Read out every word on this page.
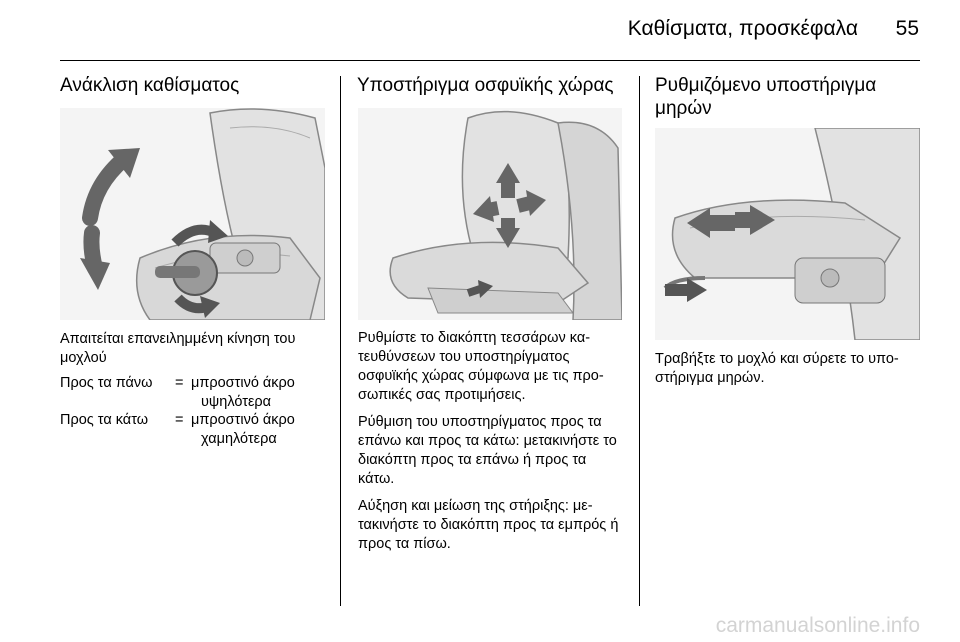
Καθίσματα, προσκέφαλα 55
Ανάκλιση καθίσματος

Απαιτείται επανειλημμένη κίνηση του μοχλού

Προς τα πάνω	= μπροστινό άκρο
υψηλότερα
Προς τα κάτω	= μπροστινό άκρο
χαμηλότερα
Υποστήριγμα οσφυϊκής χώρας

Ρυθμίστε το διακόπτη τεσσάρων κα- τευθύνσεων του υποστηρίγματος οσφυϊκής χώρας σύμφωνα με τις προ- σωπικές σας προτιμήσεις.

Ρύθμιση του υποστηρίγματος προς τα επάνω και προς τα κάτω: μετακινήστε το διακόπτη προς τα επάνω ή προς τα κάτω.

Αύξηση και μείωση της στήριξης: με- τακινήστε το διακόπτη προς τα εμπρός ή προς τα πίσω.

Ρυθμιζόμενο υποστήριγμα μηρών

Τραβήξτε το μοχλό και σύρετε το υπο- στήριγμα μηρών.

carmanualsonline.info
